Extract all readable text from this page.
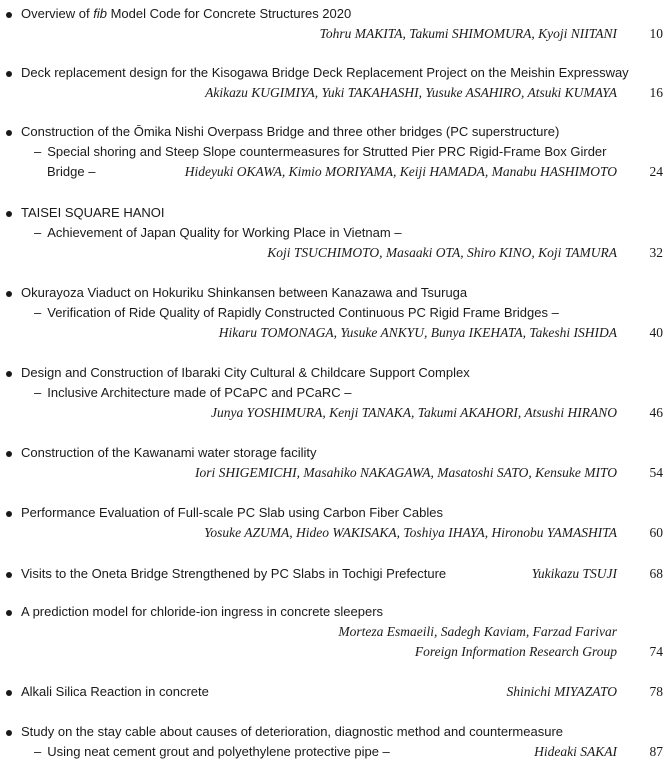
Overview of fib Model Code for Concrete Structures 2020
Tohru MAKITA, Takumi SHIMOMURA, Kyoji NIITANI	10
Deck replacement design for the Kisogawa Bridge Deck Replacement Project on the Meishin Expressway
Akikazu KUGIMIYA, Yuki TAKAHASHI, Yusuke ASAHIRO, Atsuki KUMAYA	16
Construction of the Ōmika Nishi Overpass Bridge and three other bridges (PC superstructure)
– Special shoring and Steep Slope countermeasures for Strutted Pier PRC Rigid-Frame Box Girder
Bridge –	Hideyuki OKAWA, Kimio MORIYAMA, Keiji HAMADA, Manabu HASHIMOTO	24
TAISEI SQUARE HANOI
– Achievement of Japan Quality for Working Place in Vietnam –
Koji TSUCHIMOTO, Masaaki OTA, Shiro KINO, Koji TAMURA	32
Okurayoza Viaduct on Hokuriku Shinkansen between Kanazawa and Tsuruga
– Verification of Ride Quality of Rapidly Constructed Continuous PC Rigid Frame Bridges –
Hikaru TOMONAGA, Yusuke ANKYU, Bunya IKEHATA, Takeshi ISHIDA	40
Design and Construction of Ibaraki City Cultural & Childcare Support Complex
– Inclusive Architecture made of PCaPC and PCaRC –
Junya YOSHIMURA, Kenji TANAKA, Takumi AKAHORI, Atsushi HIRANO	46
Construction of the Kawanami water storage facility
Iori SHIGEMICHI, Masahiko NAKAGAWA, Masatoshi SATO, Kensuke MITO	54
Performance Evaluation of Full-scale PC Slab using Carbon Fiber Cables
Yosuke AZUMA, Hideo WAKISAKA, Toshiya IHAYA, Hironobu YAMASHITA	60
Visits to the Oneta Bridge Strengthened by PC Slabs in Tochigi Prefecture	Yukikazu TSUJI	68
A prediction model for chloride-ion ingress in concrete sleepers
Morteza Esmaeili, Sadegh Kaviam, Farzad Farivar
Foreign Information Research Group	74
Alkali Silica Reaction in concrete	Shinichi MIYAZATO	78
Study on the stay cable about causes of deterioration, diagnostic method and countermeasure
– Using neat cement grout and polyethylene protective pipe –	Hideaki SAKAI	87
